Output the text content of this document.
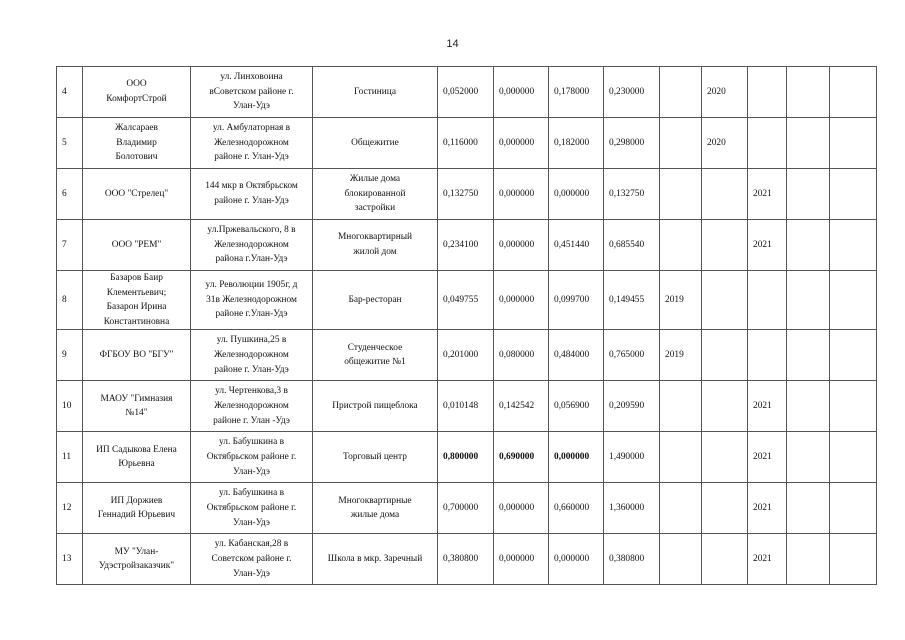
14
4	ООО
КомфортСтрой	ул. Линховоина
вСоветском районе г.
Улан-Удэ	Гостиница	0,052000	0,000000	0,178000	0,230000		2020			
5	Жалсараев
Владимир
Болотович	ул. Амбулаторная в
Железнодорожном
районе г. Улан-Удэ	Общежитие	0,116000	0,000000	0,182000	0,298000		2020			
6	ООО "Стрелец"	144 мкр в Октябрьском
районе г. Улан-Удэ	Жилые дома
блокированной
застройки	0,132750	0,000000	0,000000	0,132750			2021		
7	ООО "РЕМ"	ул.Пржевальского, 8 в
Железнодорожном
района г.Улан-Удэ	Многоквартирный
жилой дом	0,234100	0,000000	0,451440	0,685540			2021		
8	Базаров Баир
Клементьевич;
Базарон Ирина
Константиновна	ул. Революции 1905г, д
31в Железнодорожном
районе г.Улан-Удэ	Бар-ресторан	0,049755	0,000000	0,099700	0,149455	2019				
9	ФГБОУ ВО "БГУ"	ул. Пушкина,25 в
Железнодорожном
районе г. Улан-Удэ	Студенческое
общежитие №1	0,201000	0,080000	0,484000	0,765000	2019				
10	МАОУ "Гимназия
№14"	ул. Чертенкова,3 в
Железнодорожном
районе г. Улан -Удэ	Пристрой пищеблока	0,010148	0,142542	0,056900	0,209590			2021		
11	ИП Садыкова Елена
Юрьевна	ул. Бабушкина в
Октябрьском районе г.
Улан-Удэ	Торговый центр	0,800000	0,690000	0,000000	1,490000			2021		
12	ИП Доржиев
Геннадий Юрьевич	ул. Бабушкина в
Октябрьском районе г.
Улан-Удэ	Многоквартирные
жилые дома	0,700000	0,000000	0,660000	1,360000			2021		
13	МУ "Улан-
Удэстройзаказчик"	ул. Кабанская,28 в
Советском районе г.
Улан-Удэ	Школа в мкр. Заречный	0,380800	0,000000	0,000000	0,380800			2021		
